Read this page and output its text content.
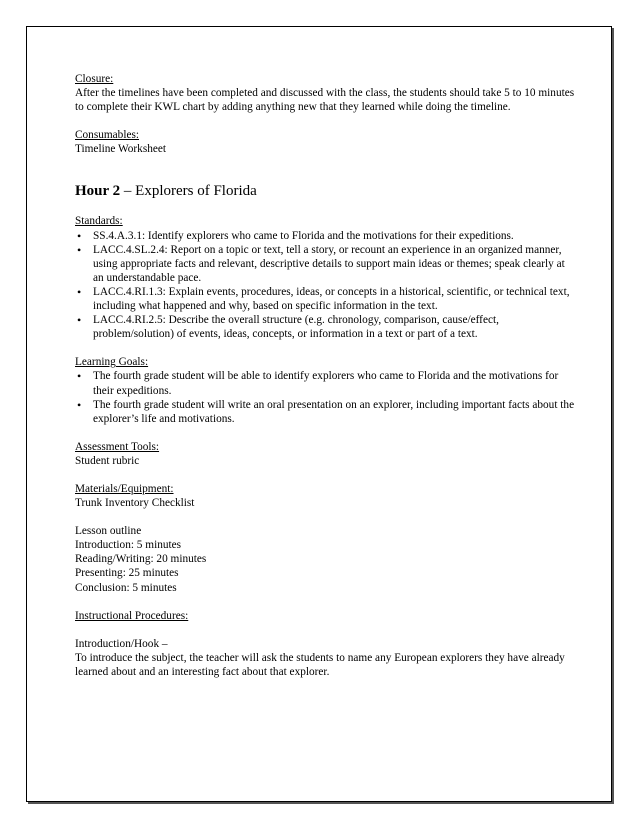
Closure:

After the timelines have been completed and discussed with the class, the students should take 5 to 10 minutes to complete their KWL chart by adding anything new that they learned while doing the timeline.

Consumables:

Timeline Worksheet

Hour 2 – Explorers of Florida

Standards:

• SS.4.A.3.1: Identify explorers who came to Florida and the motivations for their expeditions.
• LACC.4.SL.2.4: Report on a topic or text, tell a story, or recount an experience in an organized manner, using appropriate facts and relevant, descriptive details to support main ideas or themes; speak clearly at an understandable pace.
• LACC.4.RI.1.3: Explain events, procedures, ideas, or concepts in a historical, scientific, or technical text, including what happened and why, based on specific information in the text.
• LACC.4.RI.2.5: Describe the overall structure (e.g. chronology, comparison, cause/effect, problem/solution) of events, ideas, concepts, or information in a text or part of a text.

Learning Goals:

• The fourth grade student will be able to identify explorers who came to Florida and the motivations for their expeditions.
• The fourth grade student will write an oral presentation on an explorer, including important facts about the explorer’s life and motivations.

Assessment Tools:

Student rubric

Materials/Equipment:

Trunk Inventory Checklist

Lesson outline

Introduction: 5 minutes

Reading/Writing: 20 minutes

Presenting: 25 minutes

Conclusion: 5 minutes

Instructional Procedures:

Introduction/Hook –

To introduce the subject, the teacher will ask the students to name any European explorers they have already learned about and an interesting fact about that explorer.
